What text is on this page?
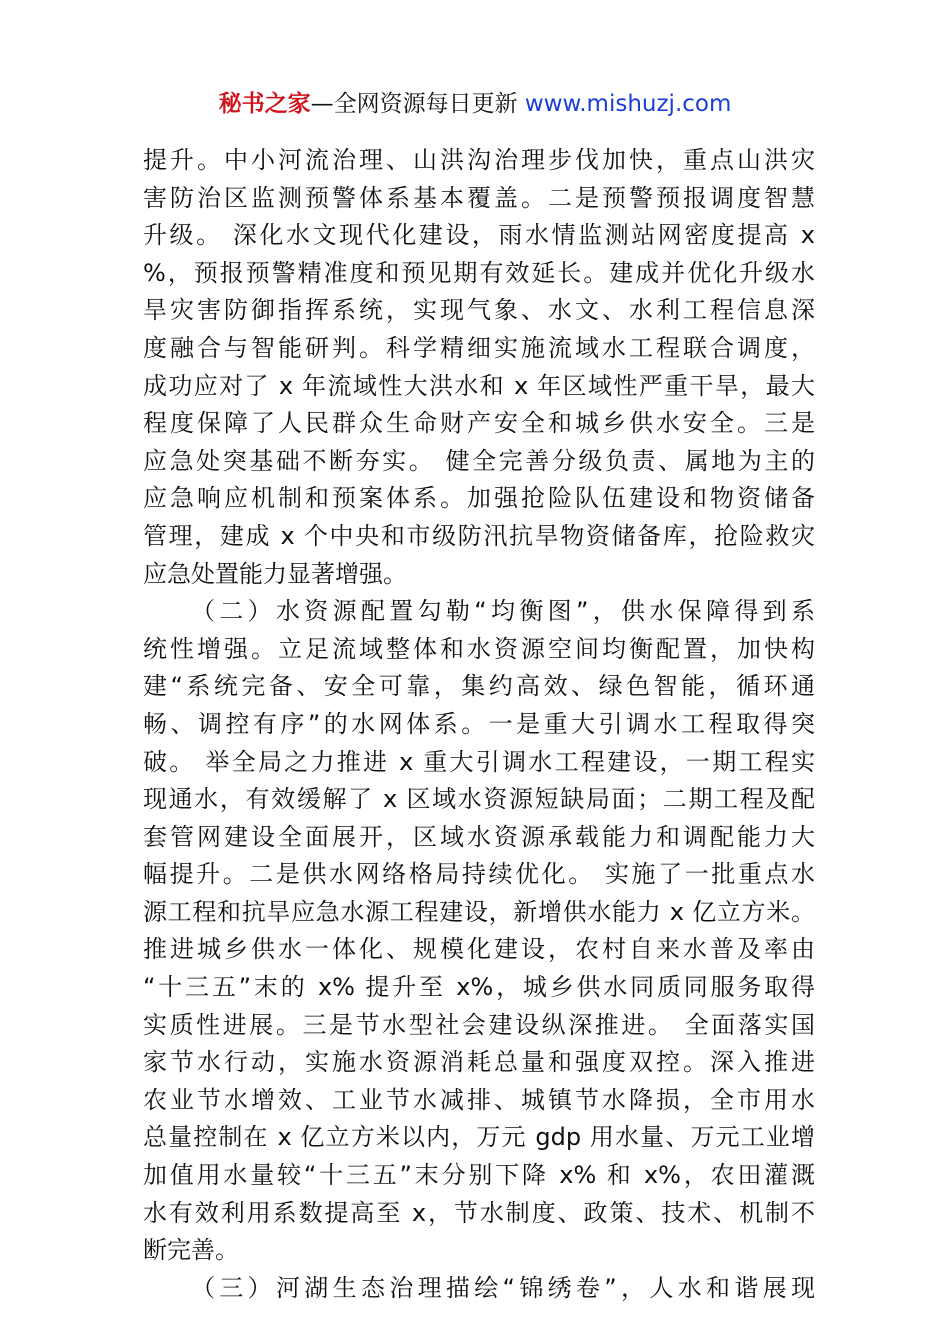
秘书之家—全网资源每日更新 www.mishuzj.com
提升。中小河流治理、山洪沟治理步伐加快，重点山洪灾
害防治区监测预警体系基本覆盖。二是预警预报调度智慧
升级。 深化水文现代化建设，雨水情监测站网密度提高 x
%，预报预警精准度和预见期有效延长。建成并优化升级水
旱灾害防御指挥系统，实现气象、水文、水利工程信息深
度融合与智能研判。科学精细实施流域水工程联合调度，
成功应对了 x 年流域性大洪水和 x 年区域性严重干旱，最大
程度保障了人民群众生命财产安全和城乡供水安全。三是
应急处突基础不断夯实。 健全完善分级负责、属地为主的
应急响应机制和预案体系。加强抢险队伍建设和物资储备
管理，建成 x 个中央和市级防汛抗旱物资储备库，抢险救灾
应急处置能力显著增强。
（二）水资源配置勾勒“均衡图”，供水保障得到系
统性增强。立足流域整体和水资源空间均衡配置，加快构
建“系统完备、安全可靠，集约高效、绿色智能，循环通
畅、调控有序”的水网体系。一是重大引调水工程取得突
破。 举全局之力推进 x 重大引调水工程建设，一期工程实
现通水，有效缓解了 x 区域水资源短缺局面；二期工程及配
套管网建设全面展开，区域水资源承载能力和调配能力大
幅提升。二是供水网络格局持续优化。 实施了一批重点水
源工程和抗旱应急水源工程建设，新增供水能力 x 亿立方米。
推进城乡供水一体化、规模化建设，农村自来水普及率由
“十三五”末的 x% 提升至 x%，城乡供水同质同服务取得
实质性进展。三是节水型社会建设纵深推进。 全面落实国
家节水行动，实施水资源消耗总量和强度双控。深入推进
农业节水增效、工业节水减排、城镇节水降损，全市用水
总量控制在 x 亿立方米以内，万元 gdp 用水量、万元工业增
加值用水量较“十三五”末分别下降 x% 和 x%，农田灌溉
水有效利用系数提高至 x，节水制度、政策、技术、机制不
断完善。
（三）河湖生态治理描绘“锦绣卷”，人水和谐展现
